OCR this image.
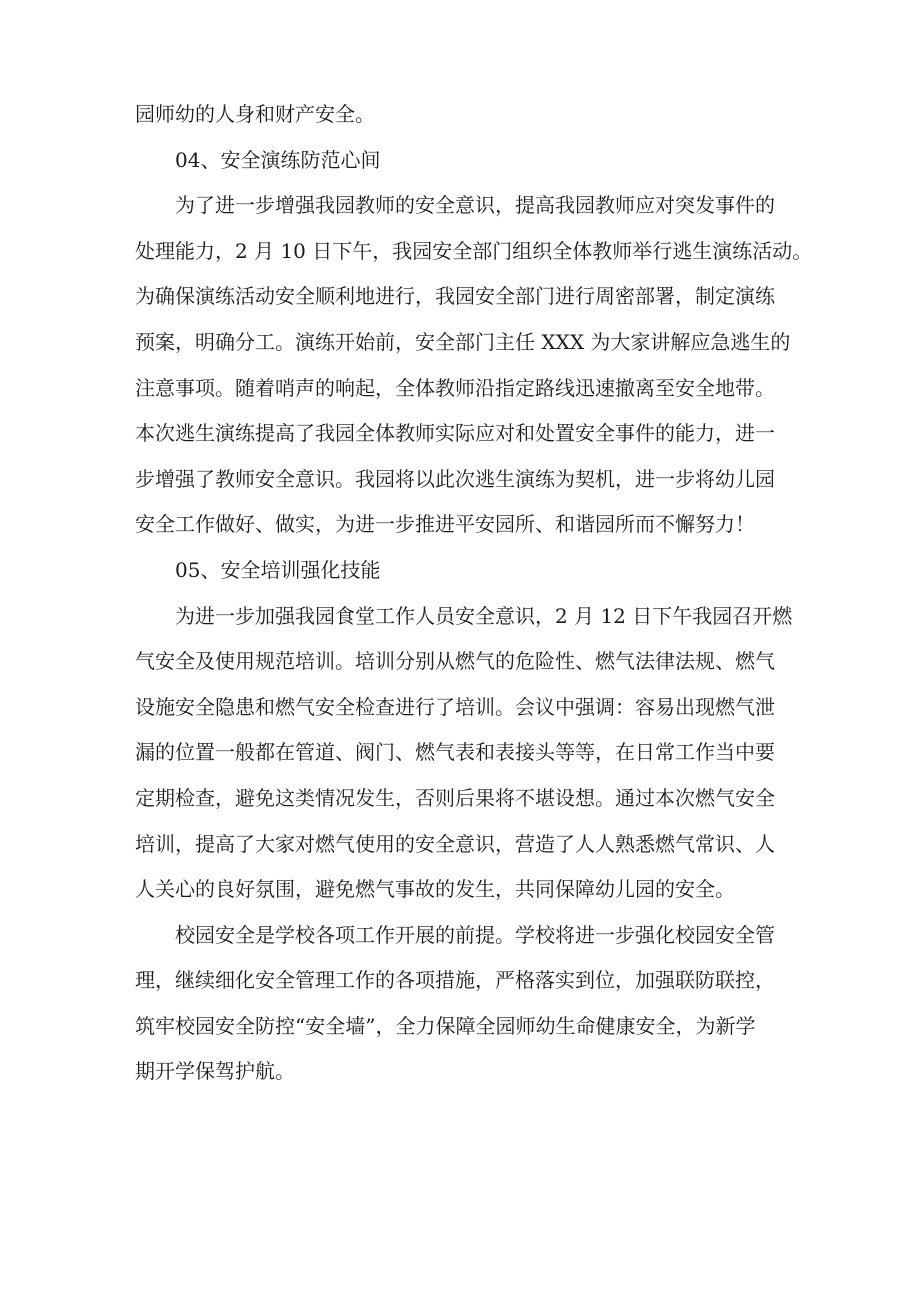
园师幼的人身和财产安全。

04、安全演练防范心间

为了进一步增强我园教师的安全意识，提高我园教师应对突发事件的
处理能力，2 月 10 日下午，我园安全部门组织全体教师举行逃生演练活动。
为确保演练活动安全顺利地进行，我园安全部门进行周密部署，制定演练
预案，明确分工。演练开始前，安全部门主任 XXX 为大家讲解应急逃生的
注意事项。随着哨声的响起，全体教师沿指定路线迅速撤离至安全地带。
本次逃生演练提高了我园全体教师实际应对和处置安全事件的能力，进一
步增强了教师安全意识。我园将以此次逃生演练为契机，进一步将幼儿园
安全工作做好、做实，为进一步推进平安园所、和谐园所而不懈努力！

05、安全培训强化技能

为进一步加强我园食堂工作人员安全意识，2 月 12 日下午我园召开燃
气安全及使用规范培训。培训分别从燃气的危险性、燃气法律法规、燃气
设施安全隐患和燃气安全检查进行了培训。会议中强调：容易出现燃气泄
漏的位置一般都在管道、阀门、燃气表和表接头等等，在日常工作当中要
定期检查，避免这类情况发生，否则后果将不堪设想。通过本次燃气安全
培训，提高了大家对燃气使用的安全意识，营造了人人熟悉燃气常识、人
人关心的良好氛围，避免燃气事故的发生，共同保障幼儿园的安全。

校园安全是学校各项工作开展的前提。学校将进一步强化校园安全管
理，继续细化安全管理工作的各项措施，严格落实到位，加强联防联控，
筑牢校园安全防控“安全墙”，全力保障全园师幼生命健康安全，为新学
期开学保驾护航。
